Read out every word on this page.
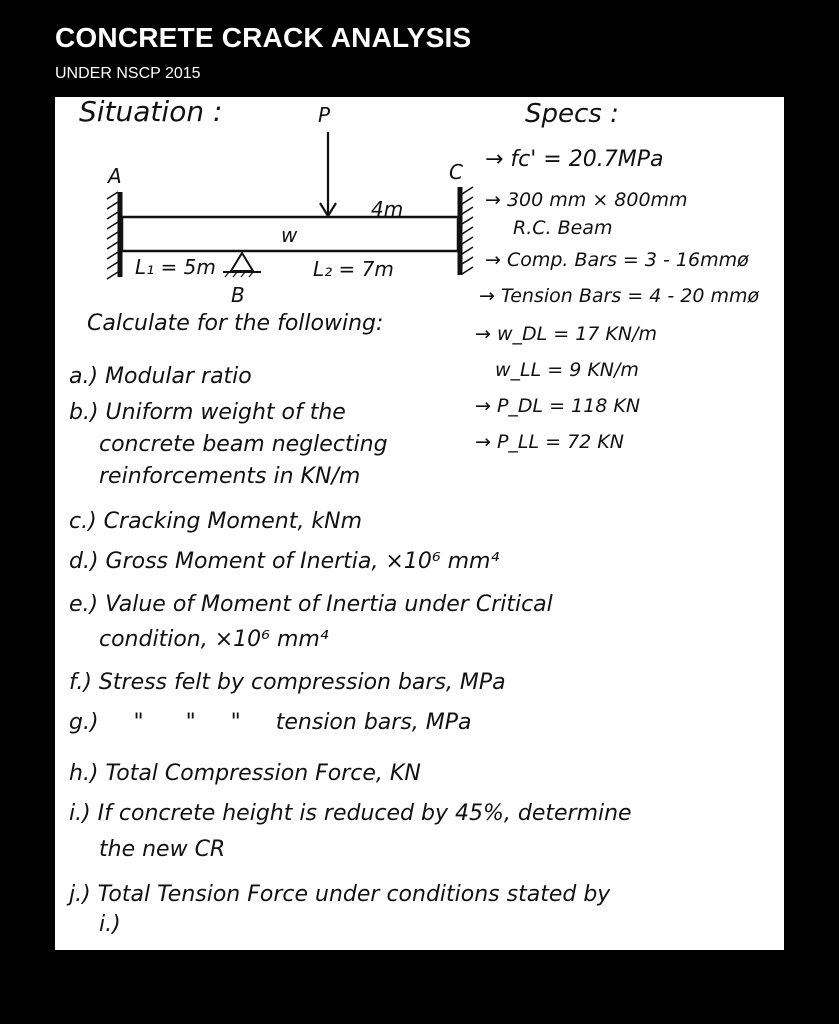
CONCRETE CRACK ANALYSIS
UNDER NSCP 2015
Situation :	P
A	C
4m
w
L₁ = 5m	L₂ = 7m
B
Specs :
→ fc' = 20.7MPa
→ 300 mm × 800mm
R.C. Beam
→ Comp. Bars = 3 - 16mmø
→ Tension Bars = 4 - 20 mmø
→ w_DL = 17 KN/m
w_LL = 9 KN/m
→ P_DL = 118 KN
→ P_LL = 72 KN
Calculate for the following:
a.) Modular ratio
b.) Uniform weight of the
concrete beam neglecting
reinforcements in KN/m
c.) Cracking Moment, kNm
d.) Gross Moment of Inertia, ×10⁶ mm⁴
e.) Value of Moment of Inertia under Critical
condition, ×10⁶ mm⁴
f.) Stress felt by compression bars, MPa
g.)     "      "     "     tension bars, MPa
h.) Total Compression Force, KN
i.) If concrete height is reduced by 45%, determine
the new CR
j.) Total Tension Force under conditions stated by
i.)
